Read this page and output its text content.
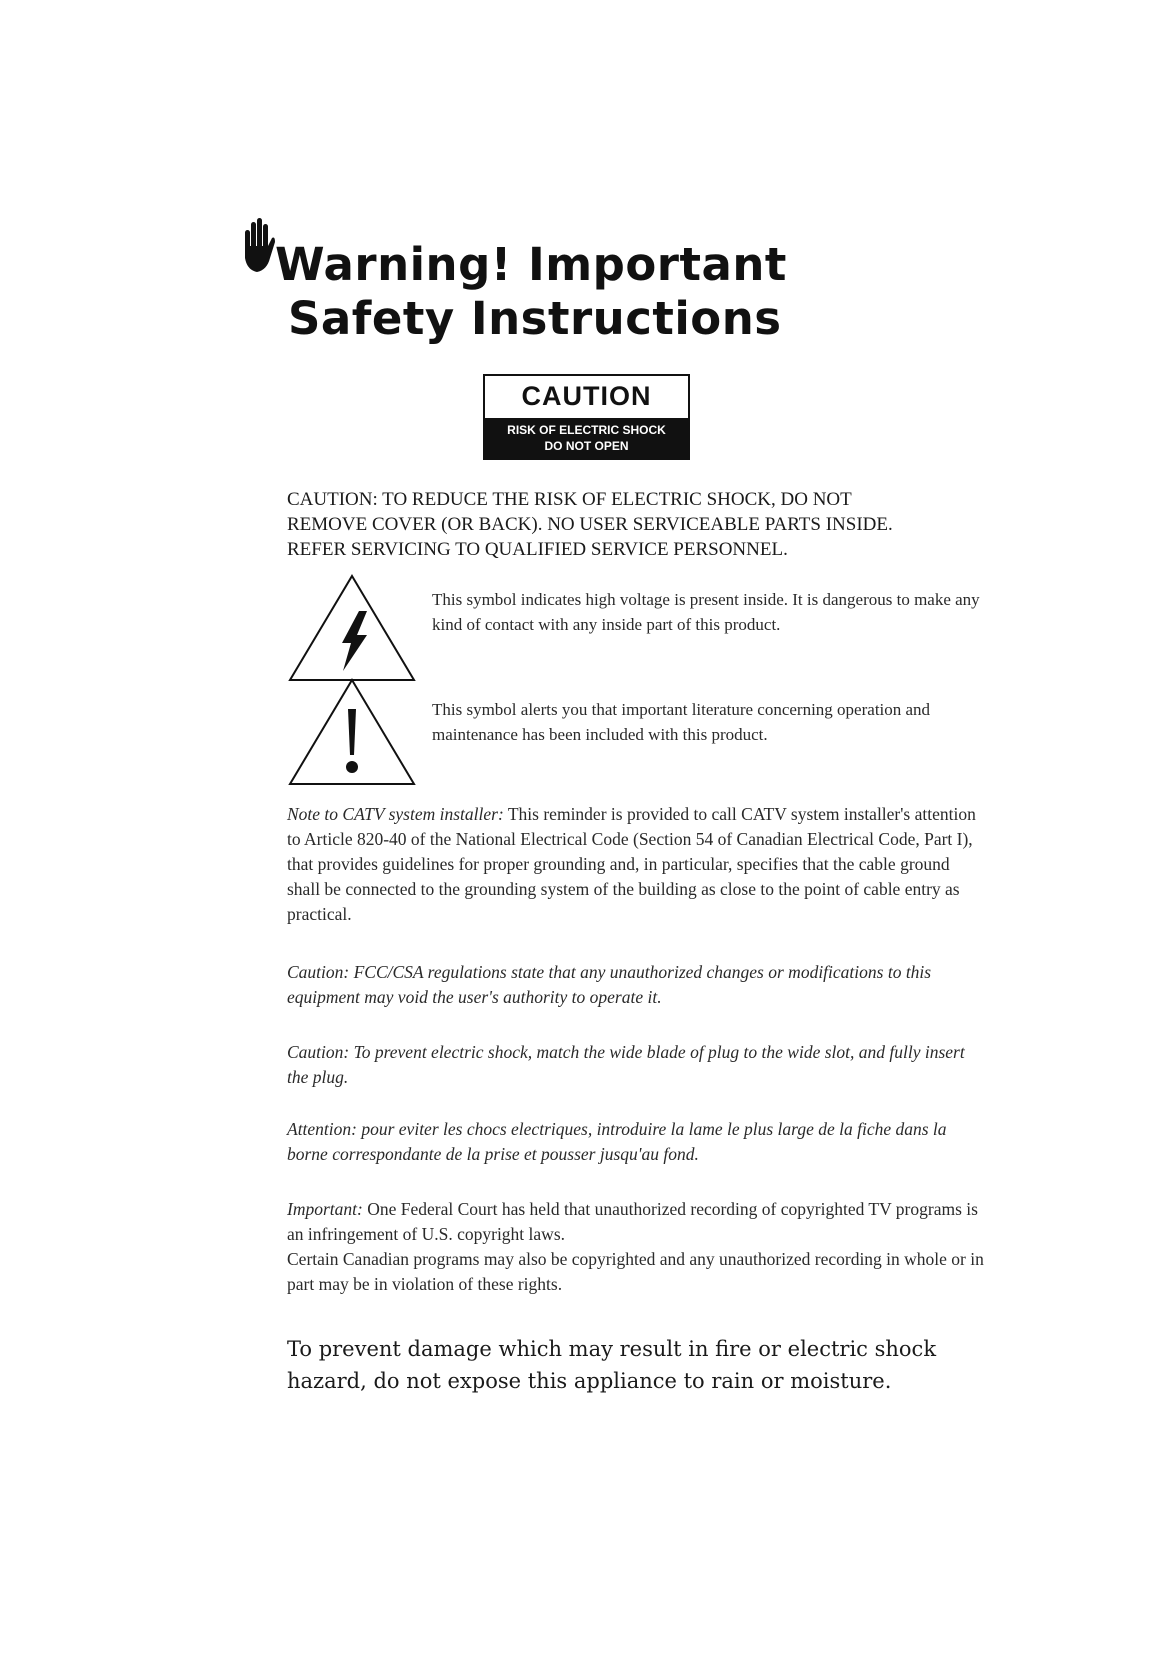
Warning! Important

Safety Instructions

CAUTION
RISK OF ELECTRIC SHOCK
DO NOT OPEN
CAUTION: TO REDUCE THE RISK OF ELECTRIC SHOCK, DO NOT
REMOVE COVER (OR BACK). NO USER SERVICEABLE PARTS INSIDE.
REFER SERVICING TO QUALIFIED SERVICE PERSONNEL.
This symbol indicates high voltage is present inside. It is dangerous to make any kind of contact with any inside part of this product.
This symbol alerts you that important literature concerning operation and maintenance has been included with this product.
Note to CATV system installer: This reminder is provided to call CATV system installer's attention to Article 820-40 of the National Electrical Code (Section 54 of Canadian Electrical Code, Part I), that provides guidelines for proper grounding and, in particular, specifies that the cable ground shall be connected to the grounding system of the building as close to the point of cable entry as practical.
Caution: FCC/CSA regulations state that any unauthorized changes or modifications to this equipment may void the user's authority to operate it.
Caution: To prevent electric shock, match the wide blade of plug to the wide slot, and fully insert the plug.
Attention: pour eviter les chocs electriques, introduire la lame le plus large de la fiche dans la borne correspondante de la prise et pousser jusqu'au fond.
Important: One Federal Court has held that unauthorized recording of copyrighted TV programs is an infringement of U.S. copyright laws.
Certain Canadian programs may also be copyrighted and any unauthorized recording in whole or in part may be in violation of these rights.
To prevent damage which may result in fire or electric shock hazard, do not expose this appliance to rain or moisture.
